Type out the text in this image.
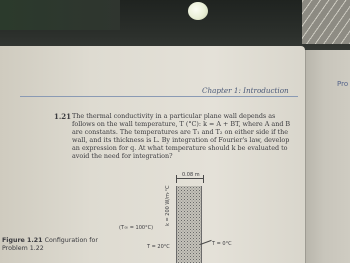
Chapter 1: Introduction
Pro
1.21 The thermal conductivity in a particular plane wall depends as

follows on the wall temperature, T (°C): k = A + BT, where A and B

are constants. The temperatures are T₁ and T₂ on either side if the

wall, and its thickness is L. By integration of Fourier's law, develop

an expression for q. At what temperature should k be evaluated to

avoid the need for integration?

0.08 m
k = 200 W/m·°C
(T∞ = 100°C)
T = 20°C	T = 0°C
Figure 1.21 Configuration for
Problem 1.22
